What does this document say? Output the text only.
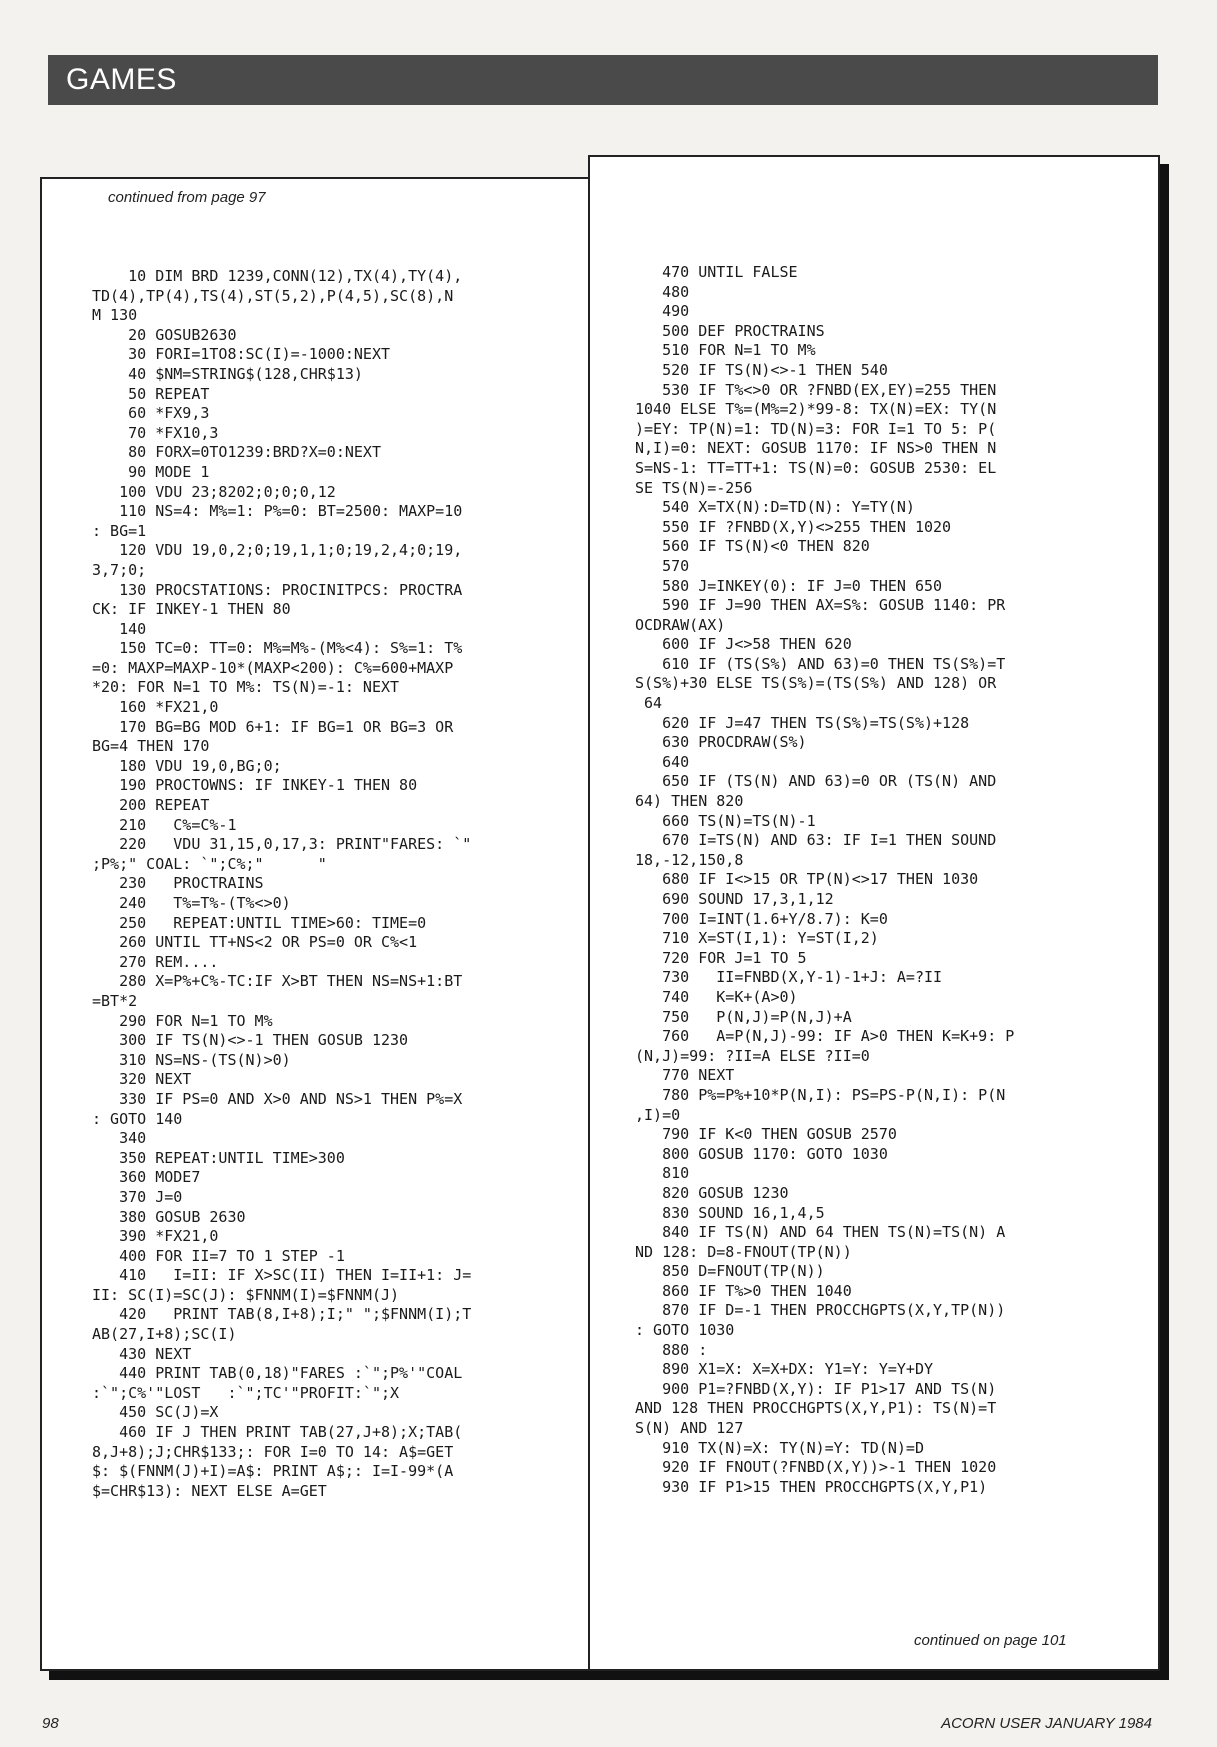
GAMES
continued from page 97
10 DIM BRD 1239,CONN(12),TX(4),TY(4),
TD(4),TP(4),TS(4),ST(5,2),P(4,5),SC(8),N
M 130
20 GOSUB2630
30 FORI=1TO8:SC(I)=-1000:NEXT
40 $NM=STRING$(128,CHR$13)
50 REPEAT
60 *FX9,3
70 *FX10,3
80 FORX=0TO1239:BRD?X=0:NEXT
90 MODE 1
100 VDU 23;8202;0;0;0,12
110 NS=4: M%=1: P%=0: BT=2500: MAXP=10
: BG=1
120 VDU 19,0,2;0;19,1,1;0;19,2,4;0;19,
3,7;0;
130 PROCSTATIONS: PROCINITPCS: PROCTRA
CK: IF INKEY-1 THEN 80
140
150 TC=0: TT=0: M%=M%-(M%<4): S%=1: T%
=0: MAXP=MAXP-10*(MAXP<200): C%=600+MAXP
*20: FOR N=1 TO M%: TS(N)=-1: NEXT
160 *FX21,0
170 BG=BG MOD 6+1: IF BG=1 OR BG=3 OR
BG=4 THEN 170
180 VDU 19,0,BG;0;
190 PROCTOWNS: IF INKEY-1 THEN 80
200 REPEAT
210   C%=C%-1
220   VDU 31,15,0,17,3: PRINT"FARES: `"
;P%;" COAL: `";C%;"      "
230   PROCTRAINS
240   T%=T%-(T%<>0)
250   REPEAT:UNTIL TIME>60: TIME=0
260 UNTIL TT+NS<2 OR PS=0 OR C%<1
270 REM....
280 X=P%+C%-TC:IF X>BT THEN NS=NS+1:BT
=BT*2
290 FOR N=1 TO M%
300 IF TS(N)<>-1 THEN GOSUB 1230
310 NS=NS-(TS(N)>0)
320 NEXT
330 IF PS=0 AND X>0 AND NS>1 THEN P%=X
: GOTO 140
340
350 REPEAT:UNTIL TIME>300
360 MODE7
370 J=0
380 GOSUB 2630
390 *FX21,0
400 FOR II=7 TO 1 STEP -1
410   I=II: IF X>SC(II) THEN I=II+1: J=
II: SC(I)=SC(J): $FNNM(I)=$FNNM(J)
420   PRINT TAB(8,I+8);I;" ";$FNNM(I);T
AB(27,I+8);SC(I)
430 NEXT
440 PRINT TAB(0,18)"FARES :`";P%'"COAL
:`";C%'"LOST   :`";TC'"PROFIT:`";X
450 SC(J)=X
460 IF J THEN PRINT TAB(27,J+8);X;TAB(
8,J+8);J;CHR$133;: FOR I=0 TO 14: A$=GET
$: $(FNNM(J)+I)=A$: PRINT A$;: I=I-99*(A
$=CHR$13): NEXT ELSE A=GET
470 UNTIL FALSE
480
490
500 DEF PROCTRAINS
510 FOR N=1 TO M%
520 IF TS(N)<>-1 THEN 540
530 IF T%<>0 OR ?FNBD(EX,EY)=255 THEN
1040 ELSE T%=(M%=2)*99-8: TX(N)=EX: TY(N
)=EY: TP(N)=1: TD(N)=3: FOR I=1 TO 5: P(
N,I)=0: NEXT: GOSUB 1170: IF NS>0 THEN N
S=NS-1: TT=TT+1: TS(N)=0: GOSUB 2530: EL
SE TS(N)=-256
540 X=TX(N):D=TD(N): Y=TY(N)
550 IF ?FNBD(X,Y)<>255 THEN 1020
560 IF TS(N)<0 THEN 820
570
580 J=INKEY(0): IF J=0 THEN 650
590 IF J=90 THEN AX=S%: GOSUB 1140: PR
OCDRAW(AX)
600 IF J<>58 THEN 620
610 IF (TS(S%) AND 63)=0 THEN TS(S%)=T
S(S%)+30 ELSE TS(S%)=(TS(S%) AND 128) OR
64
620 IF J=47 THEN TS(S%)=TS(S%)+128
630 PROCDRAW(S%)
640
650 IF (TS(N) AND 63)=0 OR (TS(N) AND
64) THEN 820
660 TS(N)=TS(N)-1
670 I=TS(N) AND 63: IF I=1 THEN SOUND
18,-12,150,8
680 IF I<>15 OR TP(N)<>17 THEN 1030
690 SOUND 17,3,1,12
700 I=INT(1.6+Y/8.7): K=0
710 X=ST(I,1): Y=ST(I,2)
720 FOR J=1 TO 5
730   II=FNBD(X,Y-1)-1+J: A=?II
740   K=K+(A>0)
750   P(N,J)=P(N,J)+A
760   A=P(N,J)-99: IF A>0 THEN K=K+9: P
(N,J)=99: ?II=A ELSE ?II=0
770 NEXT
780 P%=P%+10*P(N,I): PS=PS-P(N,I): P(N
,I)=0
790 IF K<0 THEN GOSUB 2570
800 GOSUB 1170: GOTO 1030
810
820 GOSUB 1230
830 SOUND 16,1,4,5
840 IF TS(N) AND 64 THEN TS(N)=TS(N) A
ND 128: D=8-FNOUT(TP(N))
850 D=FNOUT(TP(N))
860 IF T%>0 THEN 1040
870 IF D=-1 THEN PROCCHGPTS(X,Y,TP(N))
: GOTO 1030
880 :
890 X1=X: X=X+DX: Y1=Y: Y=Y+DY
900 P1=?FNBD(X,Y): IF P1>17 AND TS(N)
AND 128 THEN PROCCHGPTS(X,Y,P1): TS(N)=T
S(N) AND 127
910 TX(N)=X: TY(N)=Y: TD(N)=D
920 IF FNOUT(?FNBD(X,Y))>-1 THEN 1020
930 IF P1>15 THEN PROCCHGPTS(X,Y,P1)
continued on page 101
98	ACORN USER JANUARY 1984
